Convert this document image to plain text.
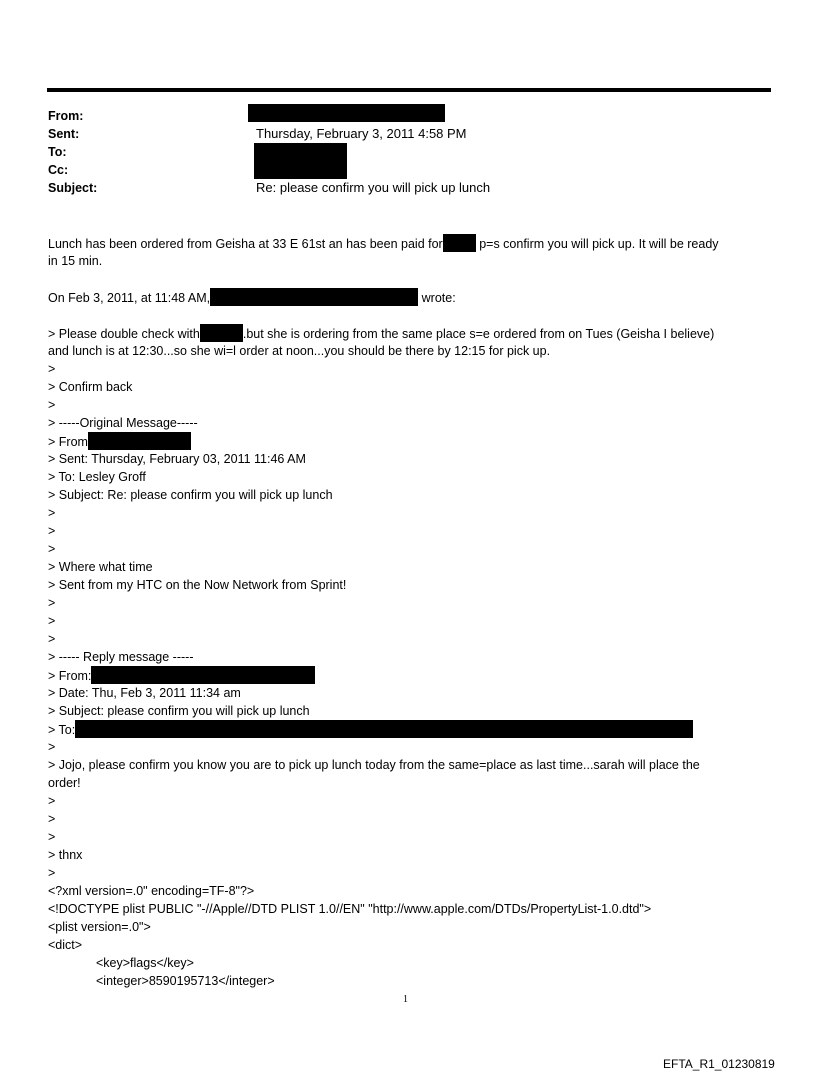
From:
Sent:	Thursday, February 3, 2011 4:58 PM
To:
Cc:
Subject:	Re: please confirm you will pick up lunch
Lunch has been ordered from Geisha at 33 E 61st an has been paid for	p=s confirm you will pick up. It will be ready
in 15 min.
On Feb 3, 2011, at 11:48 AM,	wrote:
> Please double check with	.but she is ordering from the same place s=e ordered from on Tues (Geisha I believe)
and lunch is at 12:30...so she wi=l order at noon...you should be there by 12:15 for pick up.
>
> Confirm back
>
> -----Original Message-----
> From
> Sent: Thursday, February 03, 2011 11:46 AM
> To: Lesley Groff
> Subject: Re: please confirm you will pick up lunch
>
>
>
> Where what time
> Sent from my HTC on the Now Network from Sprint!
>
>
>
> ----- Reply message -----
> From:
> Date: Thu, Feb 3, 2011 11:34 am
> Subject: please confirm you will pick up lunch
> To:
>
> Jojo, please confirm you know you are to pick up lunch today from the same=place as last time...sarah will place the
order!
>
>
>
> thnx
>
<?xml version=.0" encoding=TF-8"?>
<!DOCTYPE plist PUBLIC "-//Apple//DTD PLIST 1.0//EN" "http://www.apple.com/DTDs/PropertyList-1.0.dtd">
<plist version=.0">
<dict>
<key>flags</key>
<integer>8590195713</integer>
1
EFTA_R1_01230819
